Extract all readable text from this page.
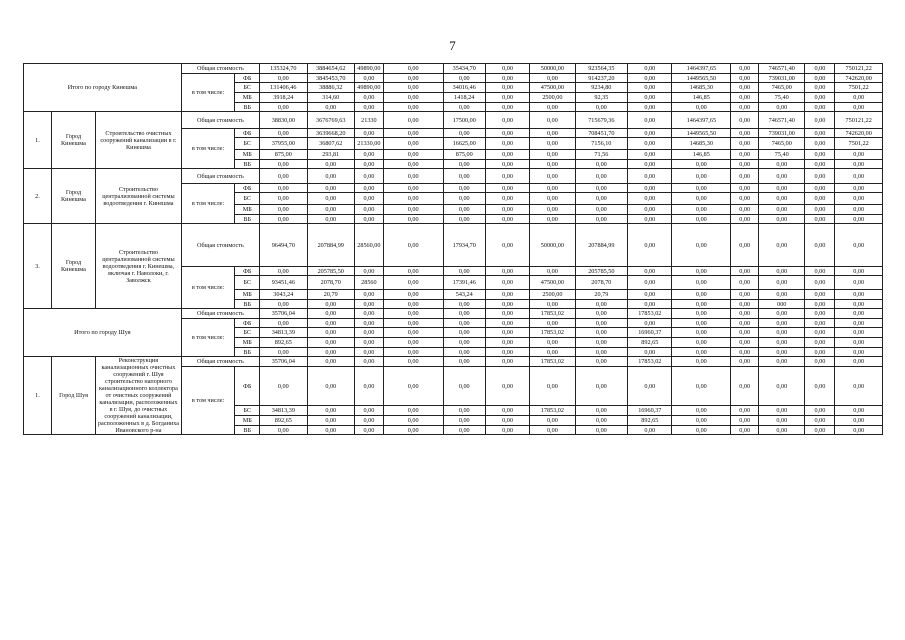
7
Итого по городу Кинешма			Общая стоимость		135324,70	3884654,62	49890,00	0,00	35434,70	0,00	50000,00	923564,35	0,00	1464397,65	0,00	746571,40	0,00	750121,22
			в том числе:	ФБ	0,00	3845453,70	0,00	0,00	0,00	0,00	0,00	914237,20	0,00	1449565,50	0,00	739031,00	0,00	742620,00
				БС	131406,46	38886,32	49890,00	0,00	34016,46	0,00	47500,00	9234,80	0,00	14685,30	0,00	7465,00	0,00	7501,22
				МБ	3918,24	314,60	0,00	0,00	1418,24	0,00	2500,00	92,35	0,00	146,85	0,00	75,40	0,00	0,00
				ВБ	0,00	0,00	0,00	0,00	0,00	0,00	0,00	0,00	0,00	0,00	0,00	0,00	0,00	0,00
1.	Город Кинешма	Строительство очистных сооружений канализации в г. Кинешма	Общая стоимость		38830,00	3676769,63	21330	0,00	17500,00	0,00	0,00	715679,36	0,00	1464397,65	0,00	746571,40	0,00	750121,22
			в том числе:	ФБ	0,00	3639668,20	0,00	0,00	0,00	0,00	0,00	708451,70	0,00	1449565,50	0,00	739031,00	0,00	742620,00
				БС	37955,00	36807,62	21330,00	0,00	16625,00	0,00	0,00	7156,10	0,00	14685,30	0,00	7465,00	0,00	7501,22
				МБ	875,00	293,81	0,00	0,00	875,00	0,00	0,00	71,56	0,00	146,85	0,00	75,40	0,00	0,00
				ВБ	0,00	0,00	0,00	0,00	0,00	0,00	0,00	0,00	0,00	0,00	0,00	0,00	0,00	0,00
2.	Город Кинешма	Строительство централизованной системы водоотведения г. Кинешма	Общая стоимость		0,00	0,00	0,00	0,00	0,00	0,00	0,00	0,00	0,00	0,00	0,00	0,00	0,00	0,00
			в том числе:	ФБ	0,00	0,00	0,00	0,00	0,00	0,00	0,00	0,00	0,00	0,00	0,00	0,00	0,00	0,00
				БС	0,00	0,00	0,00	0,00	0,00	0,00	0,00	0,00	0,00	0,00	0,00	0,00	0,00	0,00
				МБ	0,00	0,00	0,00	0,00	0,00	0,00	0,00	0,00	0,00	0,00	0,00	0,00	0,00	0,00
				ВБ	0,00	0,00	0,00	0,00	0,00	0,00	0,00	0,00	0,00	0,00	0,00	0,00	0,00	0,00
3.	Город Кинешма	Строительство централизованной системы водоотведения г. Кинешма, включая г. Наволоки, г. Заволжск	Общая стоимость		96494,70	207884,99	28560,00	0,00	17934,70	0,00	50000,00	207884,99	0,00	0,00	0,00	0,00	0,00	0,00
			в том числе:	ФБ	0,00	205785,50	0,00	0,00	0,00	0,00	0,00	205785,50	0,00	0,00	0,00	0,00	0,00	0,00
				БС	93451,46	2078,70	28560	0,00	17391,46	0,00	47500,00	2078,70	0,00	0,00	0,00	0,00	0,00	0,00
				МБ	3043,24	20,79	0,00	0,00	543,24	0,00	2500,00	20,79	0,00	0,00	0,00	0,00	0,00	0,00
				ВБ	0,00	0,00	0,00	0,00	0,00	0,00	0,00	0,00	0,00	0,00	0,00	000	0,00	0,00
Итого по городу Шуя			Общая стоимость		35706,04	0,00	0,00	0,00	0,00	0,00	17853,02	0,00	17853,02	0,00	0,00	0,00	0,00	0,00
			в том числе:	ФБ	0,00	0,00	0,00	0,00	0,00	0,00	0,00	0,00	0,00	0,00	0,00	0,00	0,00	0,00
				БС	34813,39	0,00	0,00	0,00	0,00	0,00	17853,02	0,00	16960,37	0,00	0,00	0,00	0,00	0,00
				МБ	892,65	0,00	0,00	0,00	0,00	0,00	0,00	0,00	892,65	0,00	0,00	0,00	0,00	0,00
				ВБ	0,00	0,00	0,00	0,00	0,00	0,00	0,00	0,00	0,00	0,00	0,00	0,00	0,00	0,00
1.	Город Шуя	Реконструкция канализационных очистных сооружений г. Шуя строительство напорного канализационного коллектора от очистных сооружений канализации, расположенных в г. Шуя, до очистных сооружений канализации, расположенных в д. Богданиха Ивановского р-на	Общая стоимость		35706,04	0,00	0,00	0,00	0,00	0,00	17853,02	0,00	17853,02	0,00	0,00	0,00	0,00	0,00
			в том числе:	ФБ	0,00	0,00	0,00	0,00	0,00	0,00	0,00	0,00	0,00	0,00	0,00	0,00	0,00	0,00
				БС	34813,39	0,00	0,00	0,00	0,00	0,00	17853,02	0,00	16960,37	0,00	0,00	0,00	0,00	0,00
				МБ	892,65	0,00	0,00	0,00	0,00	0,00	0,00	0,00	892,65	0,00	0,00	0,00	0,00	0,00
				ВБ	0,00	0,00	0,00	0,00	0,00	0,00	0,00	0,00	0,00	0,00	0,00	0,00	0,00	0,00
